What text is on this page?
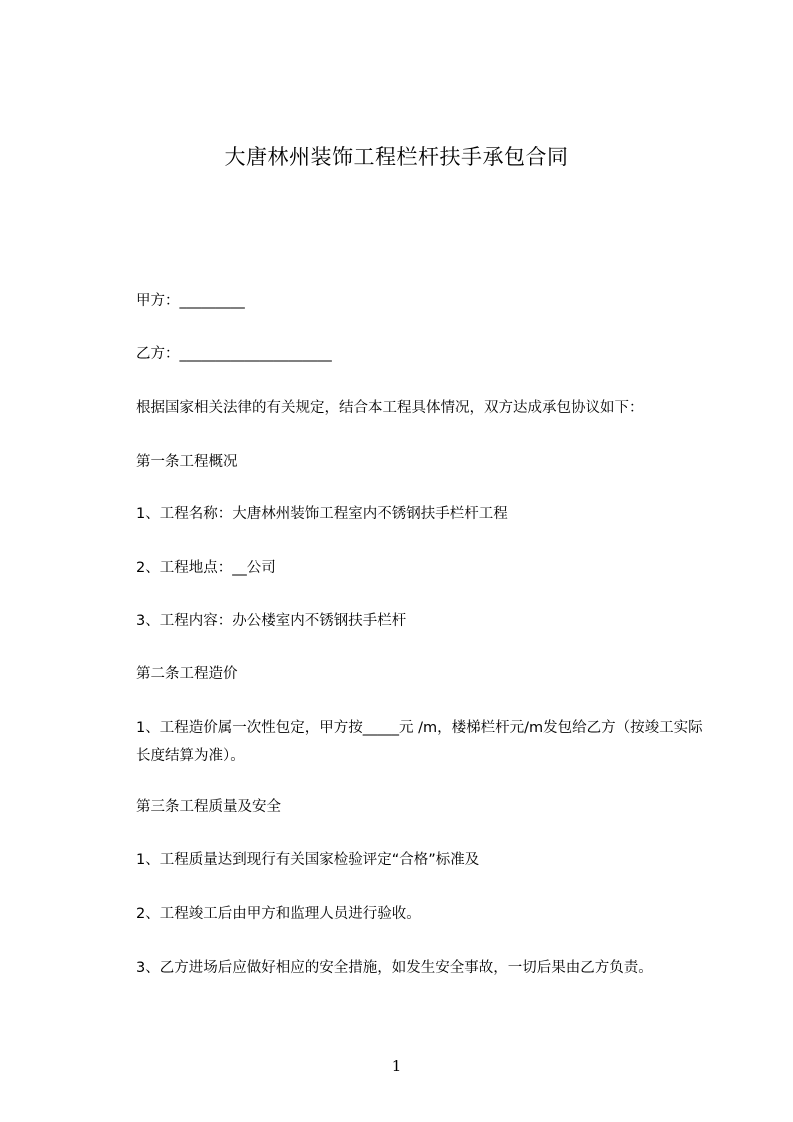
大唐林州装饰工程栏杆扶手承包合同
甲方：_________
乙方：_____________________
根据国家相关法律的有关规定，结合本工程具体情况，双方达成承包协议如下：
第一条工程概况
1、工程名称：大唐林州装饰工程室内不锈钢扶手栏杆工程
2、工程地点：__公司
3、工程内容：办公楼室内不锈钢扶手栏杆
第二条工程造价
1、工程造价属一次性包定，甲方按_____元 /m，楼梯栏杆元/m发包给乙方（按竣工实际长度结算为准）。
第三条工程质量及安全
1、工程质量达到现行有关国家检验评定“合格”标准及
2、工程竣工后由甲方和监理人员进行验收。
3、乙方进场后应做好相应的安全措施，如发生安全事故，一切后果由乙方负责。
1
